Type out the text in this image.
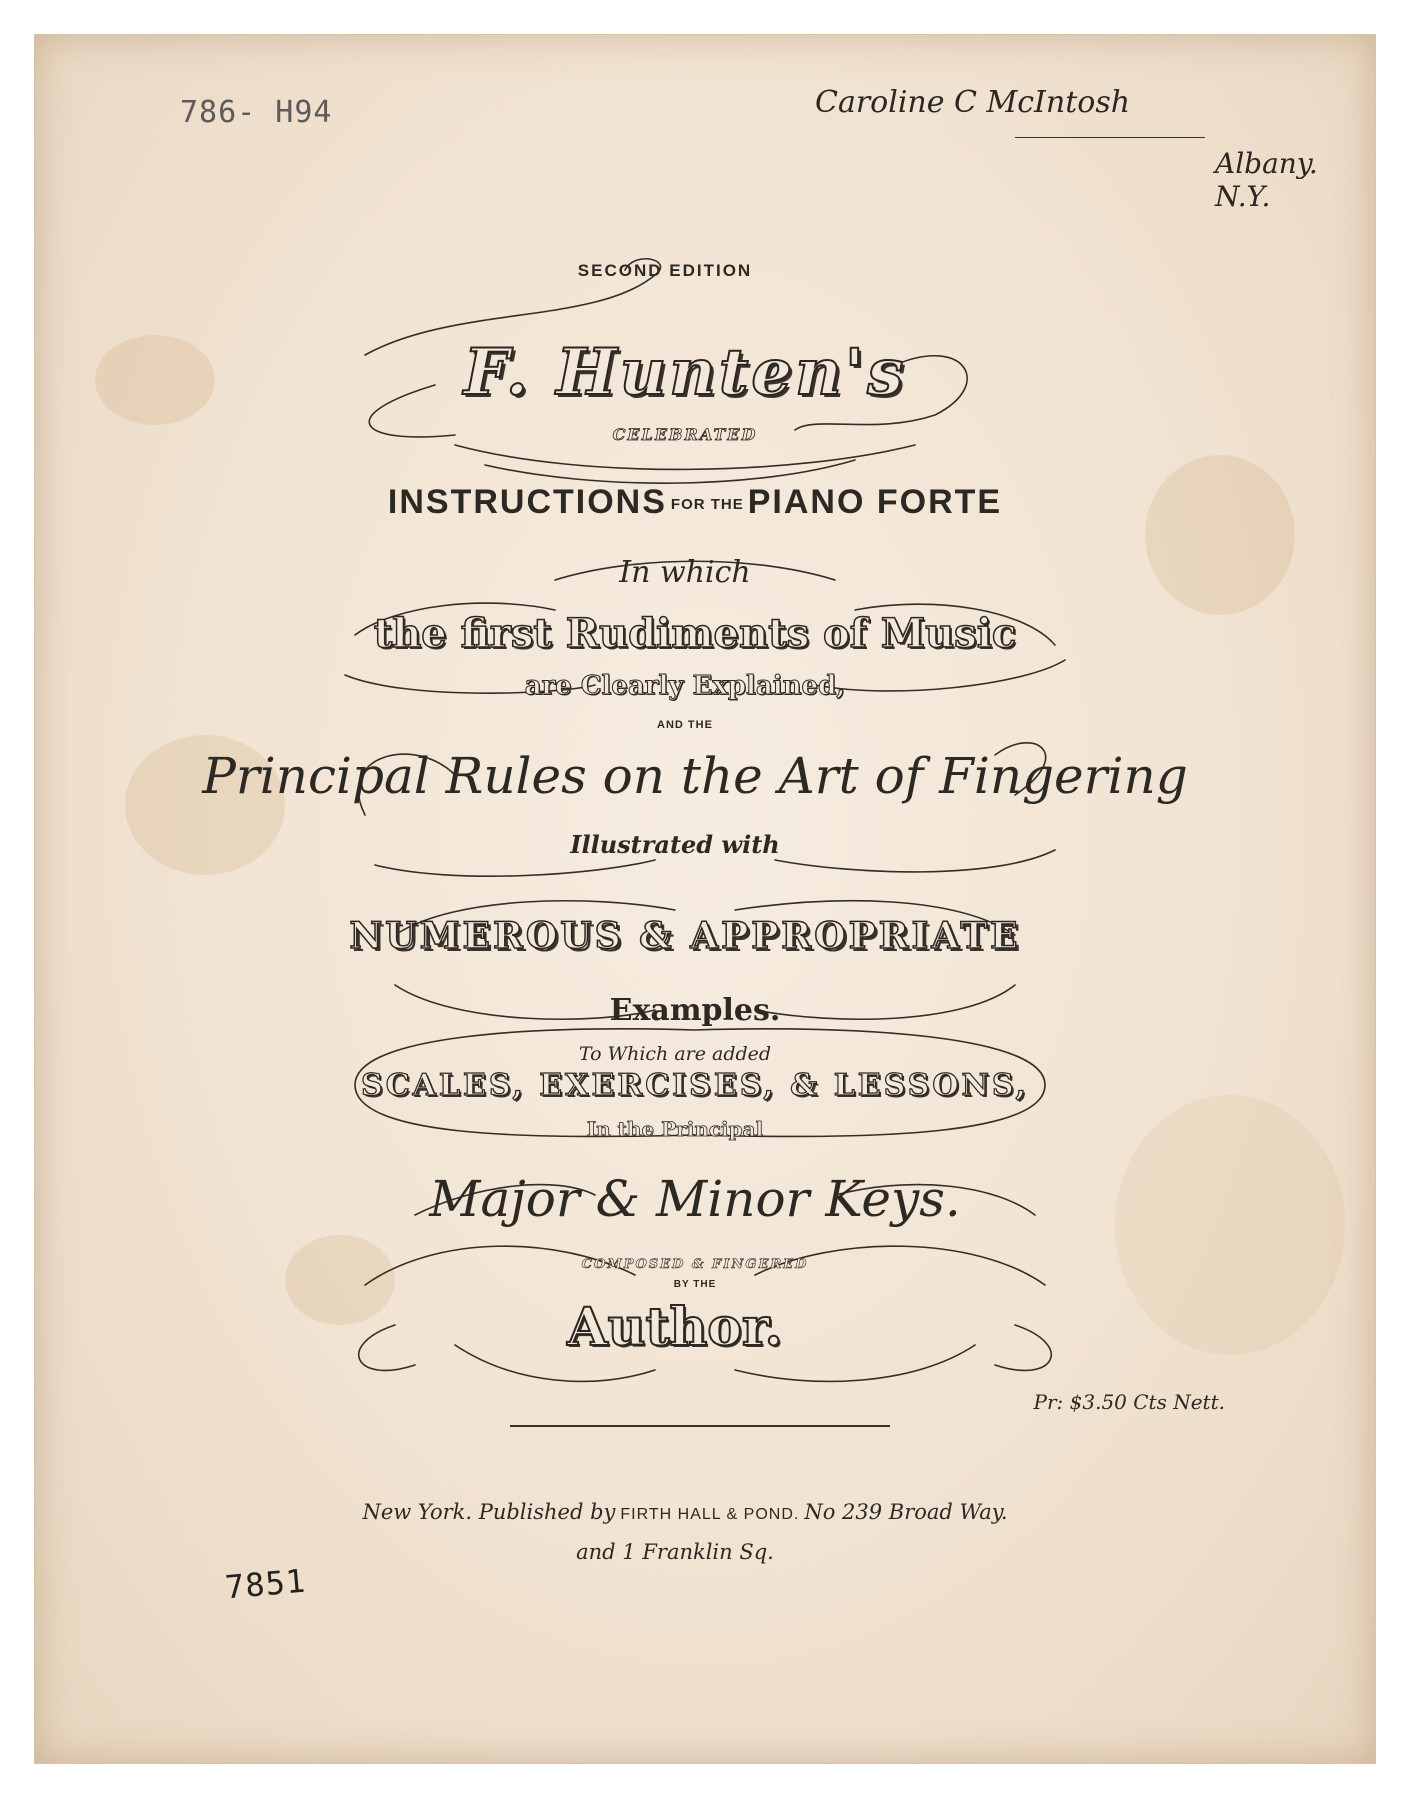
786- H94	Caroline C McIntosh
Albany. N.Y.
7851
SECOND EDITION
F. Hunten's
CELEBRATED
INSTRUCTIONS FOR THE PIANO FORTE
In which
the first Rudiments of Music
are Clearly Explained,
AND THE
Principal Rules on the Art of Fingering
Illustrated with
NUMEROUS & APPROPRIATE
Examples.
To Which are added
SCALES, EXERCISES, & LESSONS,
In the Principal
Major & Minor Keys.
COMPOSED & FINGERED
BY THE
Author.
Pr: $3.50 Cts Nett.
New York. Published by FIRTH HALL & POND. No 239 Broad Way.
and 1 Franklin Sq.
